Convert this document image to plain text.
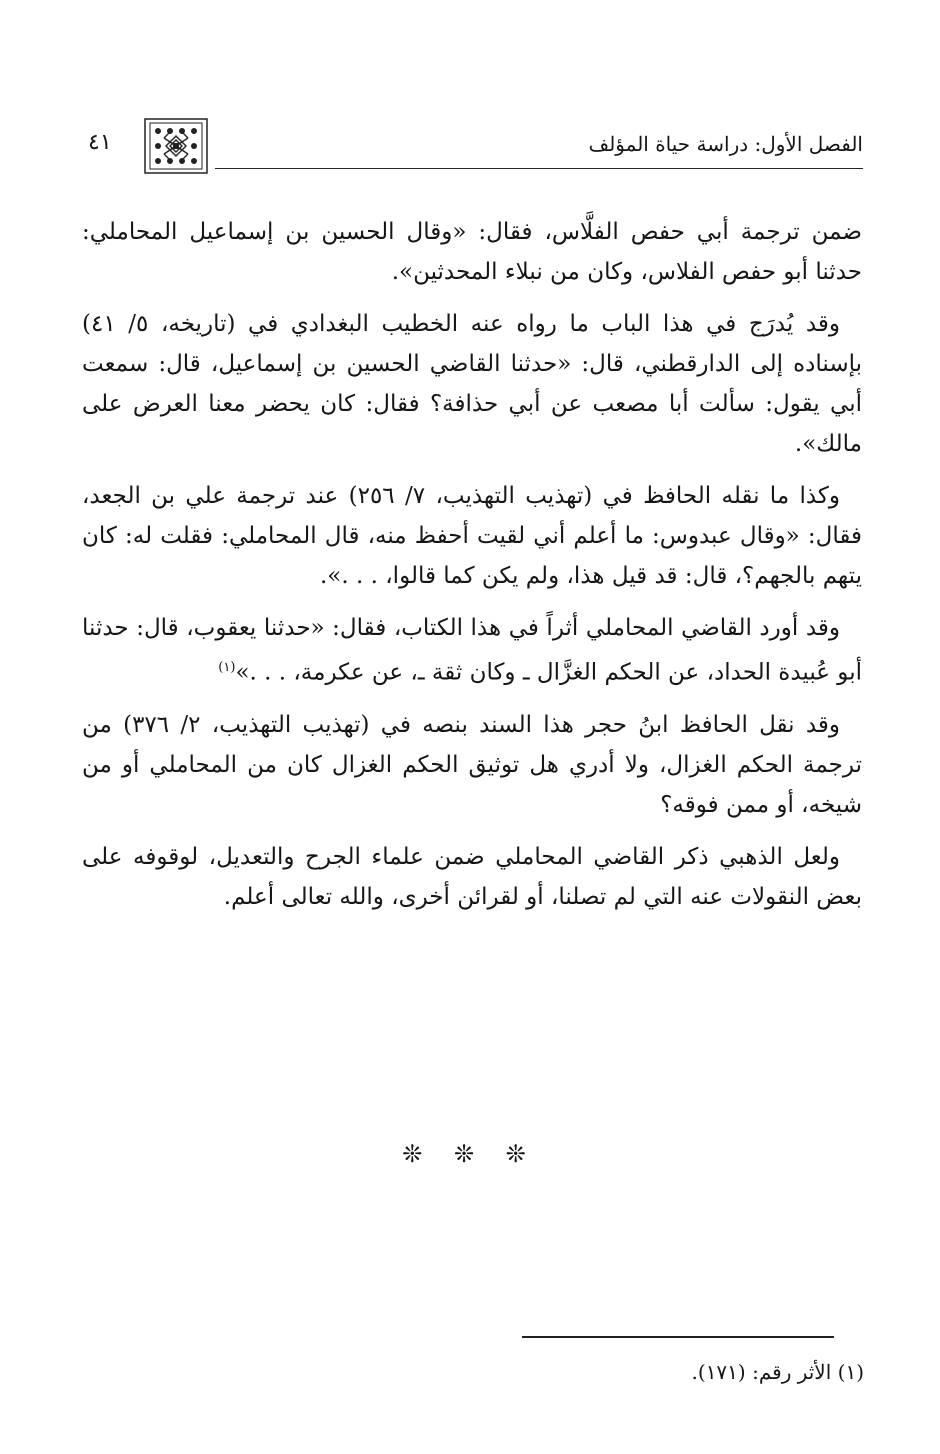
الفصل الأول: دراسة حياة المؤلف
٤١

ضمن ترجمة أبي حفص الفلَّاس، فقال: «وقال الحسين بن إسماعيل المحاملي: حدثنا أبو حفص الفلاس، وكان من نبلاء المحدثين».

وقد يُدرَج في هذا الباب ما رواه عنه الخطيب البغدادي في (تاريخه، ٥/ ٤١) بإسناده إلى الدارقطني، قال: «حدثنا القاضي الحسين بن إسماعيل، قال: سمعت أبي يقول: سألت أبا مصعب عن أبي حذافة؟ فقال: كان يحضر معنا العرض على مالك».

وكذا ما نقله الحافظ في (تهذيب التهذيب، ٧/ ٢٥٦) عند ترجمة علي بن الجعد، فقال: «وقال عبدوس: ما أعلم أني لقيت أحفظ منه، قال المحاملي: فقلت له: كان يتهم بالجهم؟، قال: قد قيل هذا، ولم يكن كما قالوا، . . .».

وقد أورد القاضي المحاملي أثراً في هذا الكتاب، فقال: «حدثنا يعقوب، قال: حدثنا أبو عُبيدة الحداد، عن الحكم الغزَّال ـ وكان ثقة ـ، عن عكرمة، . . .»$^{(١)}$

وقد نقل الحافظ ابنُ حجر هذا السند بنصه في (تهذيب التهذيب، ٢/ ٣٧٦) من ترجمة الحكم الغزال، ولا أدري هل توثيق الحكم الغزال كان من المحاملي أو من شيخه، أو ممن فوقه؟

ولعل الذهبي ذكر القاضي المحاملي ضمن علماء الجرح والتعديل، لوقوفه على بعض النقولات عنه التي لم تصلنا، أو لقرائن أخرى، والله تعالى أعلم.

❊ ❊ ❊
(١) الأثر رقم: (١٧١).
